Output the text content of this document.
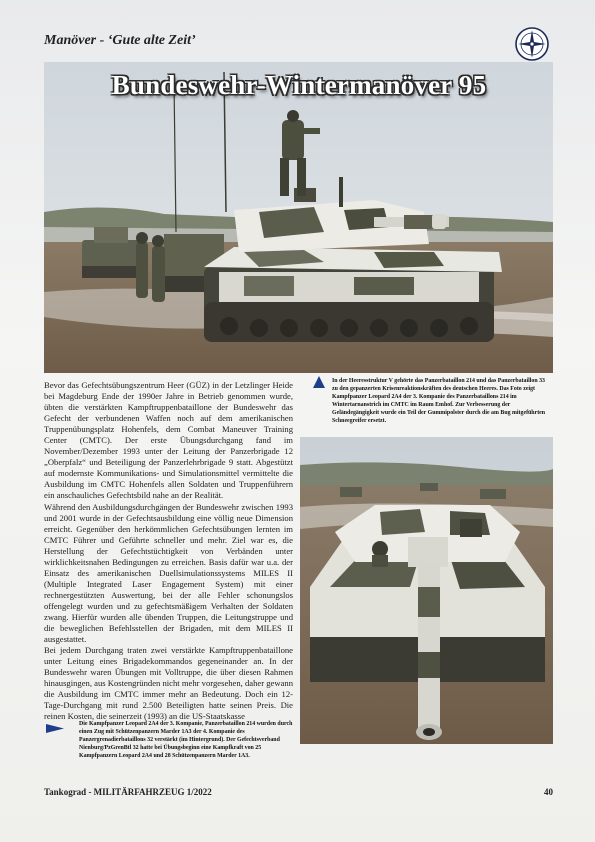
Manöver - ‘Gute alte Zeit’
Bundeswehr-Wintermanöver 95

Bevor das Gefechtsübungszentrum Heer (GÜZ) in der Letzlinger Heide bei Magdeburg Ende der 1990er Jahre in Betrieb genommen wurde, übten die verstärkten Kampftruppenbataillone der Bundeswehr das Gefecht der verbundenen Waffen noch auf dem amerikanischen Truppenübungsplatz Hohenfels, dem Combat Maneuver Training Center (CMTC). Der erste Übungsdurchgang fand im November/Dezember 1993 unter der Leitung der Panzerbrigade 12 „Oberpfalz“ und Beteiligung der Panzerlehrbrigade 9 statt. Abgestützt auf modernste Kommunikations- und Simulationsmittel vermittelte die Ausbildung im CMTC Hohenfels allen Soldaten und Truppenführern ein anschauliches Gefechtsbild nahe an der Realität.

Während den Ausbildungsdurchgängen der Bundeswehr zwischen 1993 und 2001 wurde in der Gefechtsausbildung eine völlig neue Dimension erreicht. Gegenüber den herkömmlichen Gefechtsübungen lernten im CMTC Führer und Geführte schneller und mehr. Ziel war es, die Herstellung der Gefechtstüchtigkeit von Verbänden unter wirklichkeitsnahen Bedingungen zu erreichen. Basis dafür war u.a. der Einsatz des amerikanischen Duellsimulationssystems MILES II (Multiple Integrated Laser Engagement System) mit einer rechnergestützten Auswertung, bei der alle Fehler schonungslos offengelegt wurden und zu gefechtsmäßigem Verhalten der Soldaten zwang. Hierfür wurden alle übenden Truppen, die Leitungstruppe und die beweglichen Befehlsstellen der Brigaden, mit dem MILES II ausgestattet.

Bei jedem Durchgang traten zwei verstärkte Kampftruppenbataillone unter Leitung eines Brigadekommandos gegeneinander an. In der Bundeswehr waren Übungen mit Volltruppe, die über diesen Rahmen hinausgingen, aus Kostengründen nicht mehr vorgesehen, daher gewann die Ausbildung im CMTC immer mehr an Bedeutung. Doch ein 12-Tage-Durchgang mit rund 2.500 Beteiligten hatte seinen Preis. Die reinen Kosten, die seinerzeit (1993) an die US-Staatskasse

In der Heeresstruktur V gehörte das Panzerbataillon 214 und das Panzerbataillon 33 zu den gepanzerten Krisenreaktionskräften des deutschen Heeres. Das Foto zeigt Kampfpanzer Leopard 2A4 der 3. Kompanie des Panzerbataillons 214 im Wintertarnanstrich im CMTC im Raum Emhof. Zur Verbesserung der Geländegängigkeit wurde ein Teil der Gummipolster durch die am Bug mitgeführten Schneegreifer ersetzt.
Die Kampfpanzer Leopard 2A4 der 3. Kompanie, Panzerbataillon 214 wurden durch einen Zug mit Schützenpanzern Marder 1A3 der 4. Kompanie des Panzergrenadierbataillons 32 verstärkt (im Hintergrund). Der Gefechtsverband Nienburg/PzGrenBtl 32 hatte bei Übungsbeginn eine Kampfkraft von 25 Kampfpanzern Leopard 2A4 und 28 Schützenpanzern Marder 1A3.
Tankograd - MILITÄRFAHRZEUG 1/2022	40
